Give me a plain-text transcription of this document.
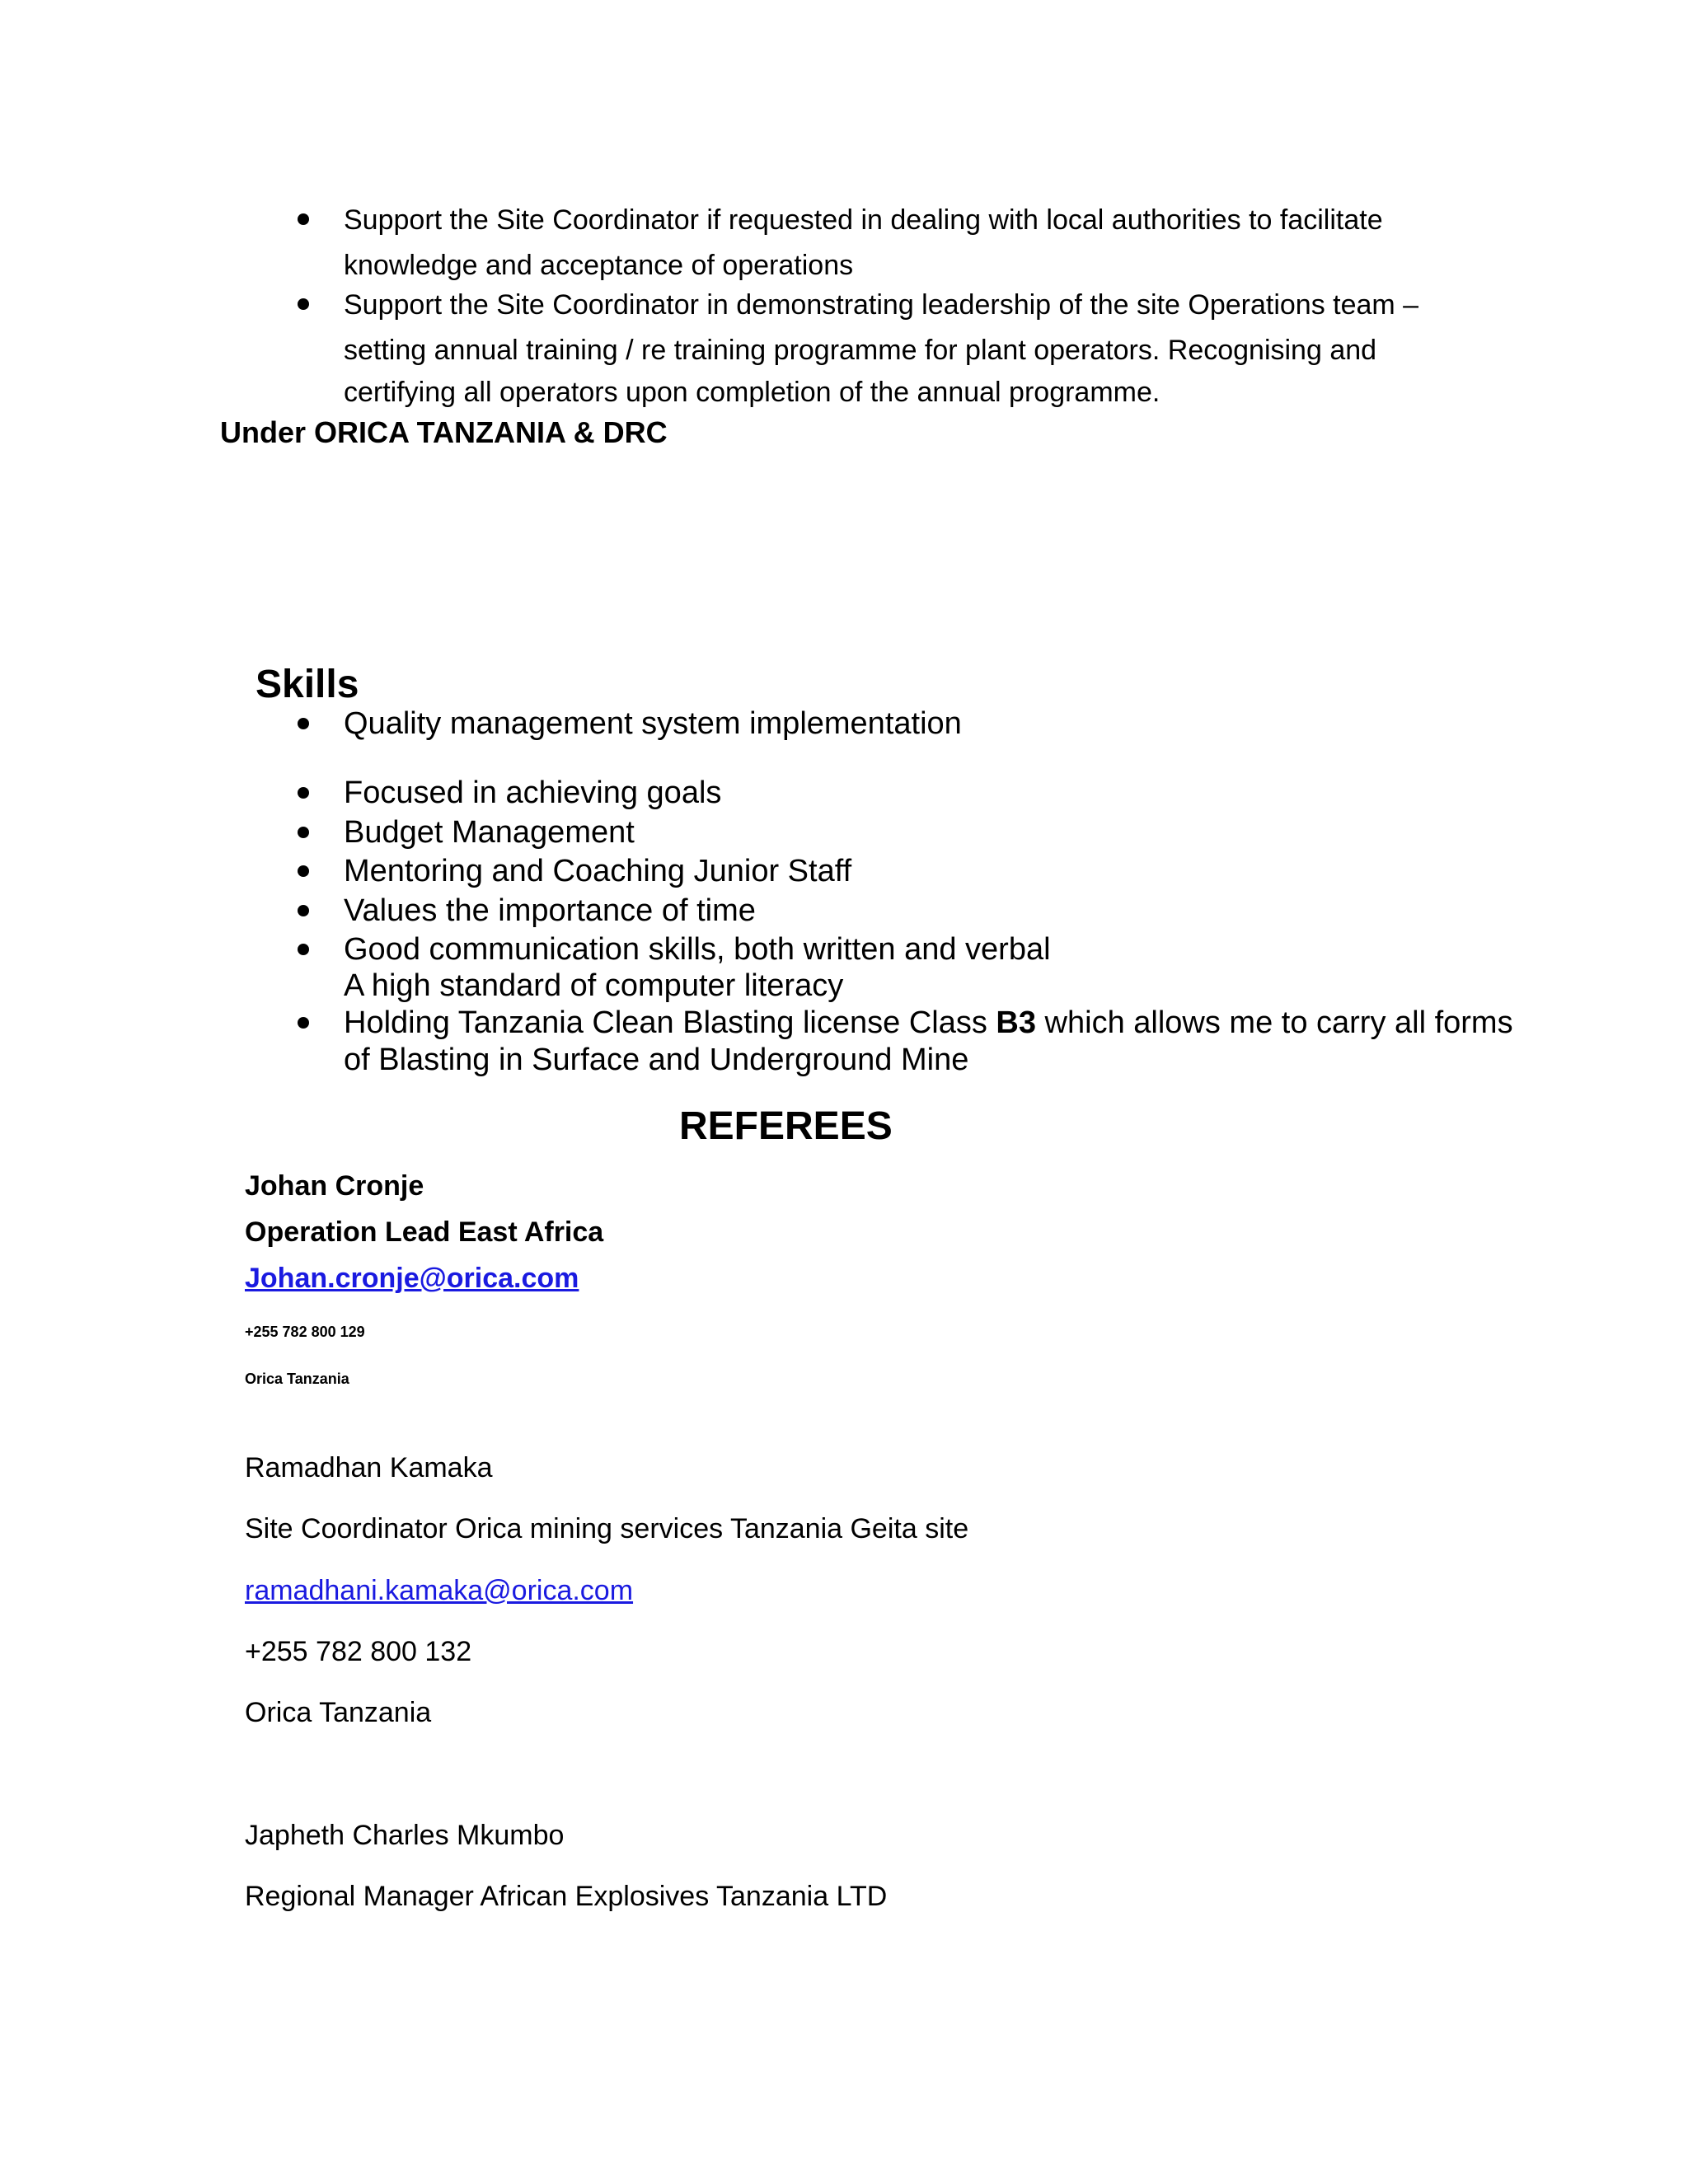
Support the Site Coordinator if requested in dealing with local authorities to facilitate
knowledge and acceptance of operations
Support the Site Coordinator in demonstrating leadership of the site Operations team –
setting annual training / re training programme for plant operators. Recognising and
certifying all operators upon completion of the annual programme.
Under ORICA TANZANIA & DRC
Skills
Quality management system implementation
Focused in achieving goals
Budget Management
Mentoring and Coaching Junior Staff
Values the importance of time
Good communication skills, both written and verbal
A high standard of computer literacy
Holding Tanzania Clean Blasting license Class B3 which allows me to carry all forms
of Blasting in Surface and Underground Mine
REFEREES
Johan Cronje
Operation Lead East Africa
Johan.cronje@orica.com
+255 782 800 129
Orica Tanzania
Ramadhan Kamaka
Site Coordinator Orica mining services Tanzania Geita site
ramadhani.kamaka@orica.com
+255 782 800 132
Orica Tanzania
Japheth Charles Mkumbo
Regional Manager African Explosives Tanzania LTD
